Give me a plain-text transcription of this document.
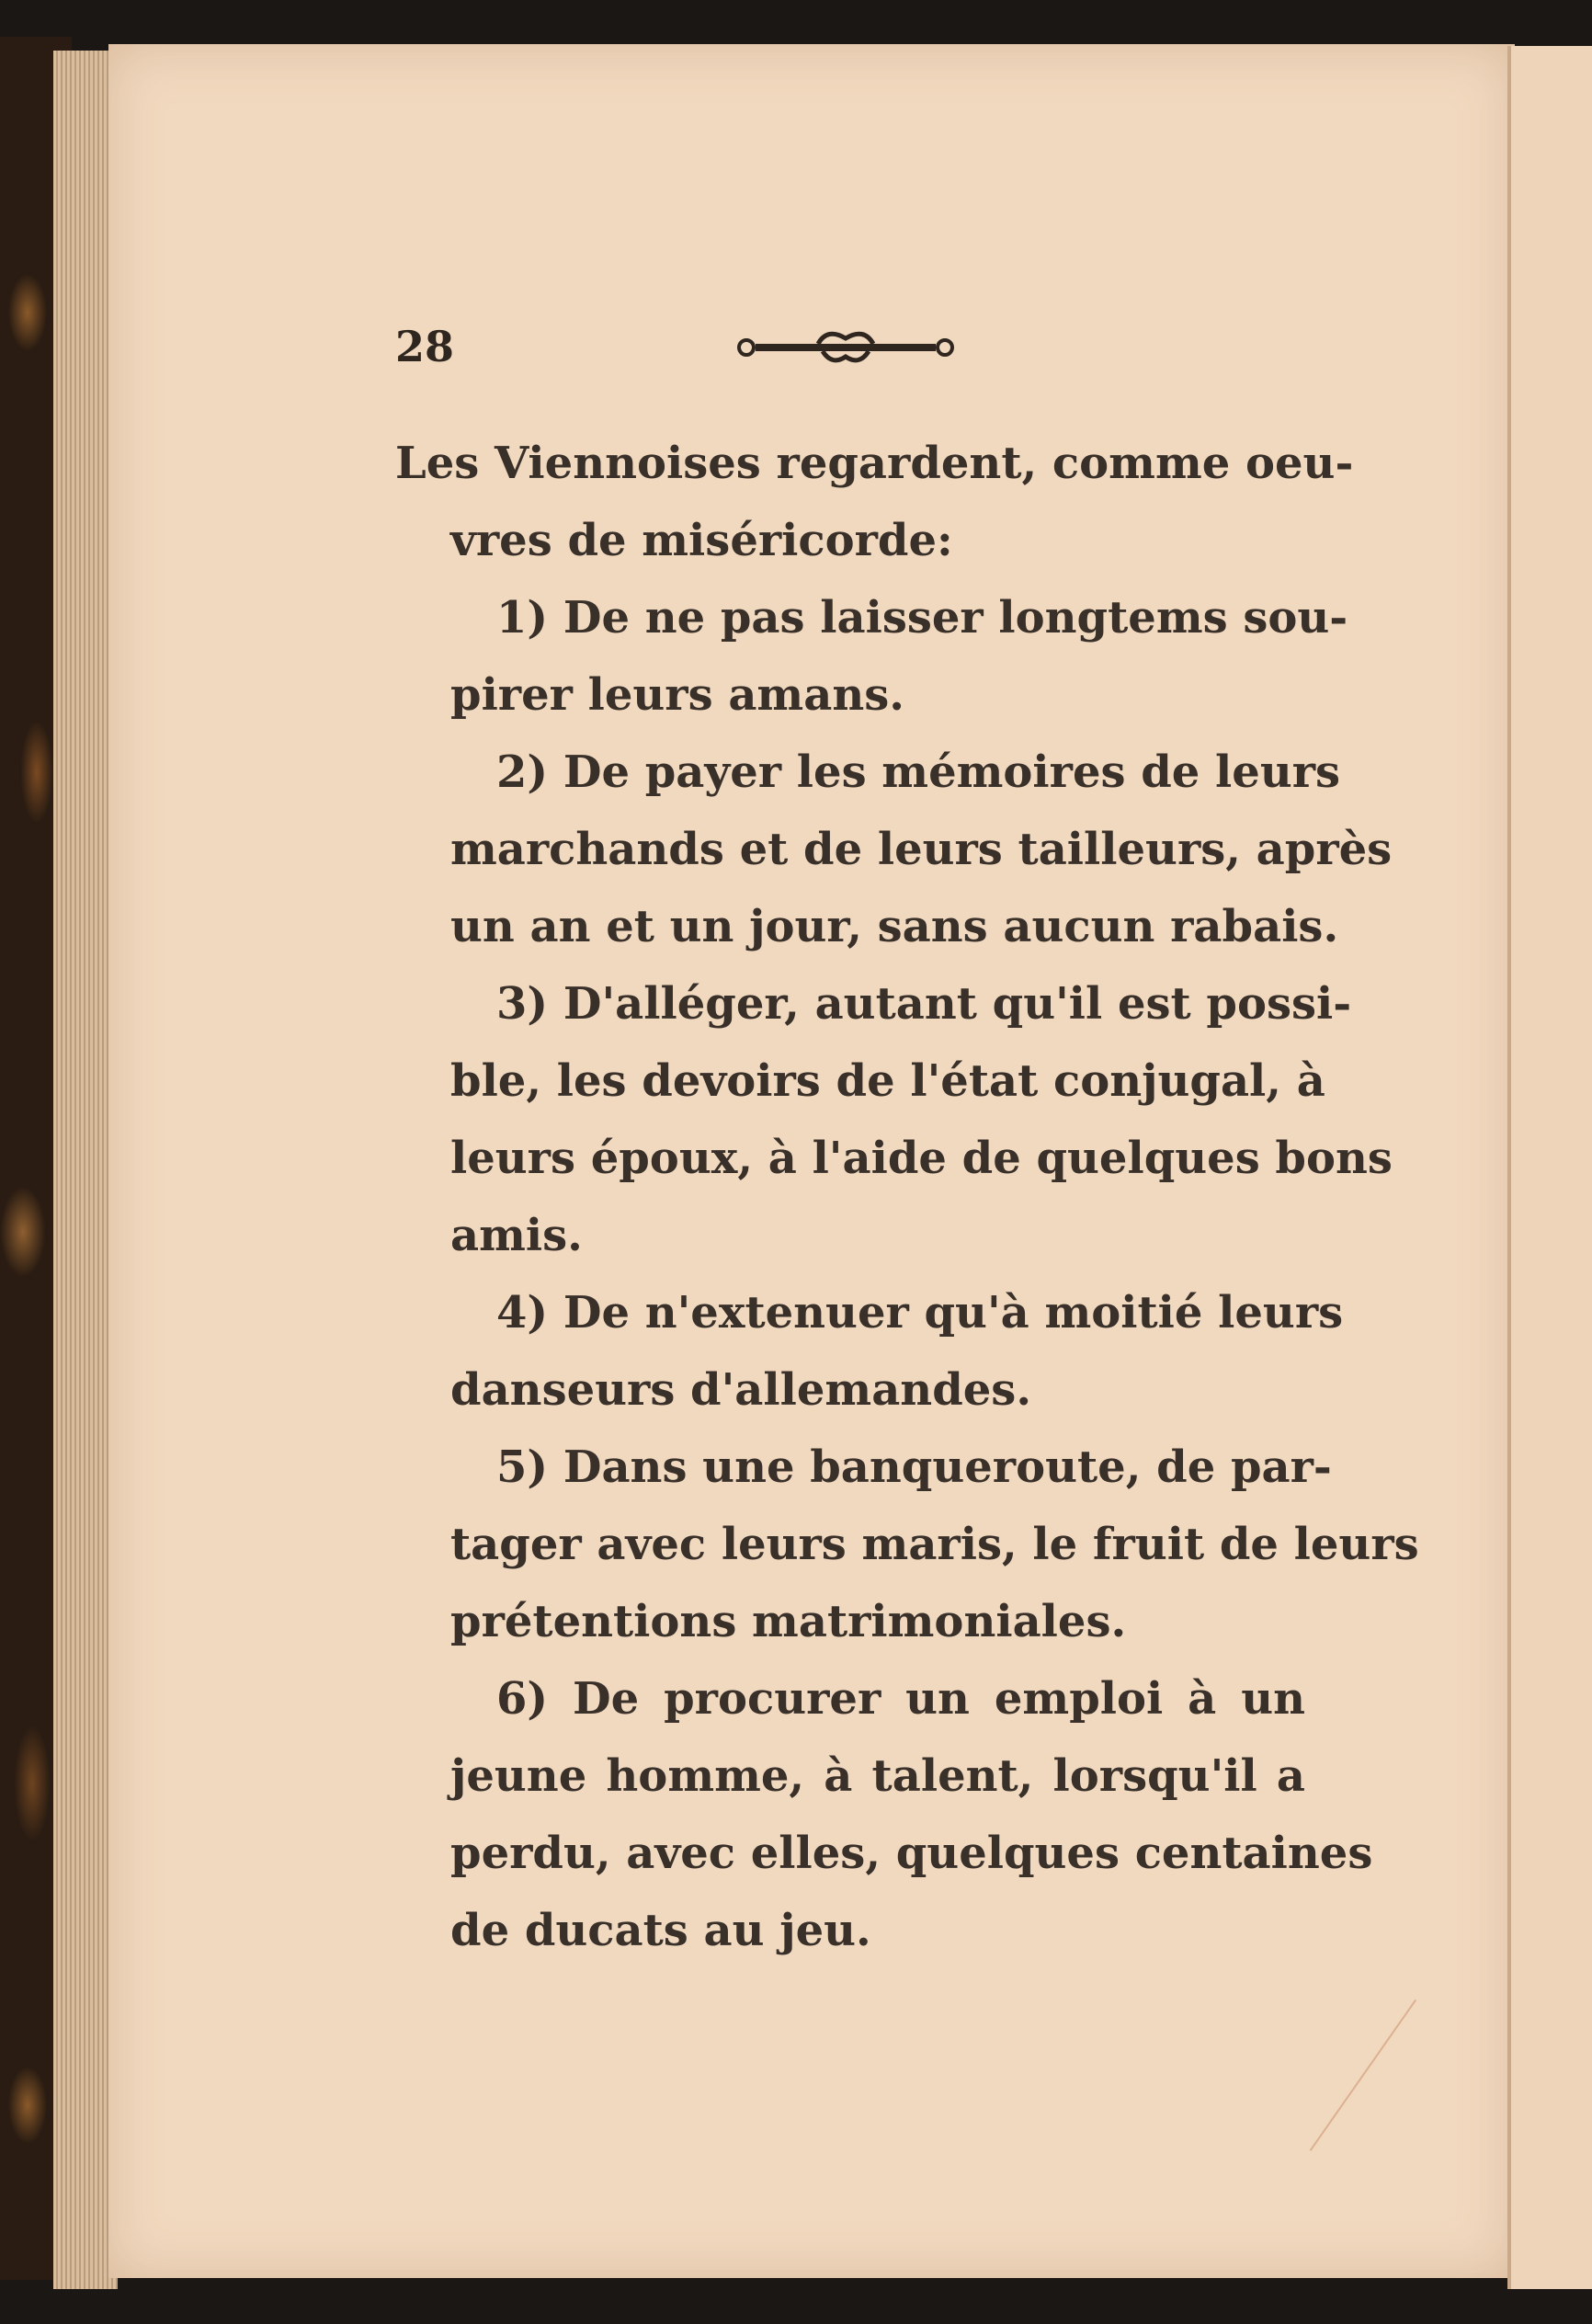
28
Les Viennoises regardent, comme oeu-
vres de miséricorde:
1) De ne pas laisser longtems sou-
pirer leurs amans.
2) De payer les mémoires de leurs
marchands et de leurs tailleurs, après
un an et un jour, sans aucun rabais.
3) D'alléger, autant qu'il est possi-
ble, les devoirs de l'état conjugal, à
leurs époux, à l'aide de quelques bons
amis.
4) De n'extenuer qu'à moitié leurs
danseurs d'allemandes.
5) Dans une banqueroute, de par-
tager avec leurs maris, le fruit de leurs
prétentions matrimoniales.
6) De procurer un emploi à un
jeune homme, à talent, lorsqu'il a
perdu, avec elles, quelques centaines
de ducats au jeu.
